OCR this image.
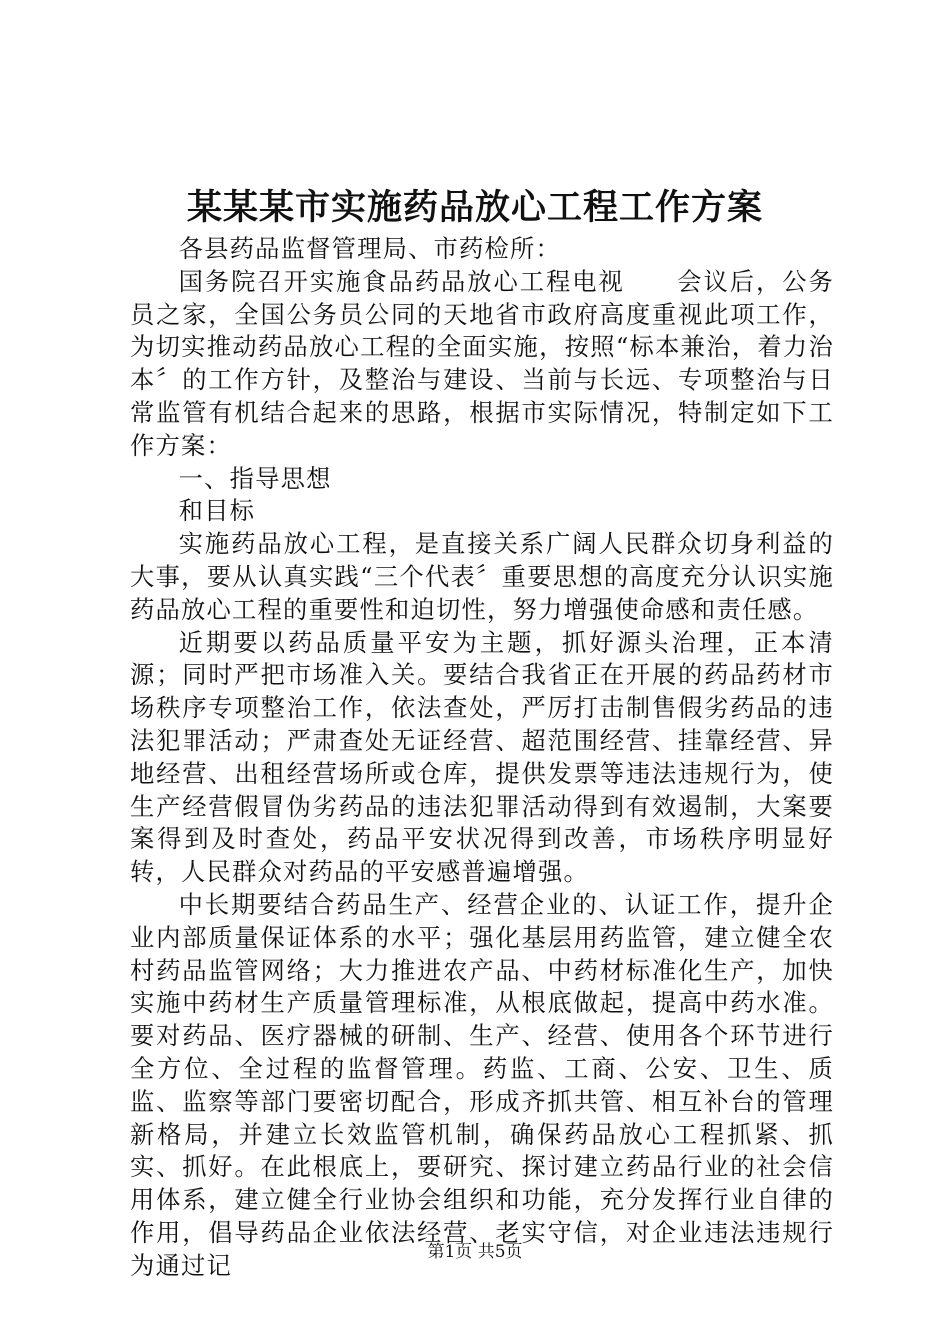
某某某市实施药品放心工程工作方案

各县药品监督管理局、市药检所：

国务院召开实施食品药品放心工程电视　　会议后，公务员之家，全国公务员公同的天地省市政府高度重视此项工作，为切实推动药品放心工程的全面实施，按照“标本兼治，着力治本〞的工作方针，及整治与建设、当前与长远、专项整治与日常监管有机结合起来的思路，根据市实际情况，特制定如下工作方案：

一、指导思想

和目标

实施药品放心工程，是直接关系广阔人民群众切身利益的大事，要从认真实践“三个代表〞重要思想的高度充分认识实施药品放心工程的重要性和迫切性，努力增强使命感和责任感。

近期要以药品质量平安为主题，抓好源头治理，正本清源；同时严把市场准入关。要结合我省正在开展的药品药材市场秩序专项整治工作，依法查处，严厉打击制售假劣药品的违法犯罪活动；严肃查处无证经营、超范围经营、挂靠经营、异地经营、出租经营场所或仓库，提供发票等违法违规行为，使生产经营假冒伪劣药品的违法犯罪活动得到有效遏制，大案要案得到及时查处，药品平安状况得到改善，市场秩序明显好转，人民群众对药品的平安感普遍增强。

中长期要结合药品生产、经营企业的、认证工作，提升企业内部质量保证体系的水平；强化基层用药监管，建立健全农村药品监管网络；大力推进农产品、中药材标准化生产，加快实施中药材生产质量管理标准，从根底做起，提高中药水准。要对药品、医疗器械的研制、生产、经营、使用各个环节进行全方位、全过程的监督管理。药监、工商、公安、卫生、质监、监察等部门要密切配合，形成齐抓共管、相互补台的管理新格局，并建立长效监管机制，确保药品放心工程抓紧、抓实、抓好。在此根底上，要研究、探讨建立药品行业的社会信用体系，建立健全行业协会组织和功能，充分发挥行业自律的作用，倡导药品企业依法经营、老实守信，对企业违法违规行为通过记	第1页 共5页
